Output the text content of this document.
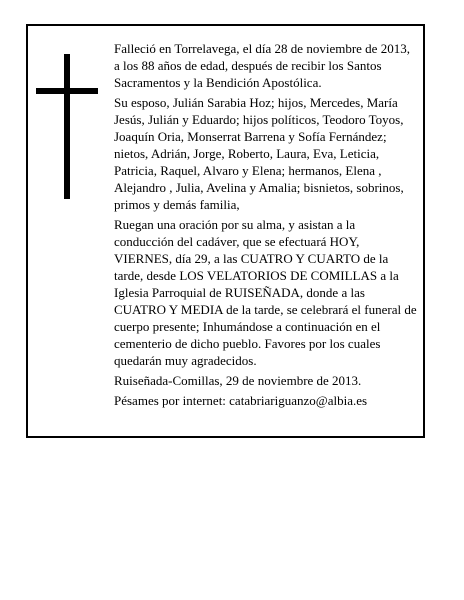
Falleció en Torrelavega, el día 28 de noviembre de 2013, a los 88 años de edad, después de recibir los Santos Sacramentos y la Bendición Apostólica.

Su esposo, Julián Sarabia Hoz; hijos, Mercedes, María Jesús, Julián y Eduardo; hijos políticos, Teodoro Toyos, Joaquín Oria, Monserrat Barrena y Sofía Fernández; nietos, Adrián, Jorge, Roberto, Laura, Eva, Leticia, Patricia, Raquel, Alvaro y Elena; hermanos, Elena , Alejandro , Julia, Avelina y Amalia; bisnietos, sobrinos, primos y demás familia,

Ruegan una oración por su alma, y asistan a la conducción del cadáver, que se efectuará HOY, VIERNES, día 29, a las CUATRO Y CUARTO de la tarde, desde LOS VELATORIOS DE COMILLAS a la Iglesia Parroquial de RUISEÑADA, donde a las CUATRO Y MEDIA de la tarde, se celebrará el funeral de cuerpo presente; Inhumándose a continuación en el cementerio de dicho pueblo. Favores por los cuales quedarán muy agradecidos.

Ruiseñada-Comillas, 29 de noviembre de 2013.

Pésames por internet: catabriariguanzo@albia.es
